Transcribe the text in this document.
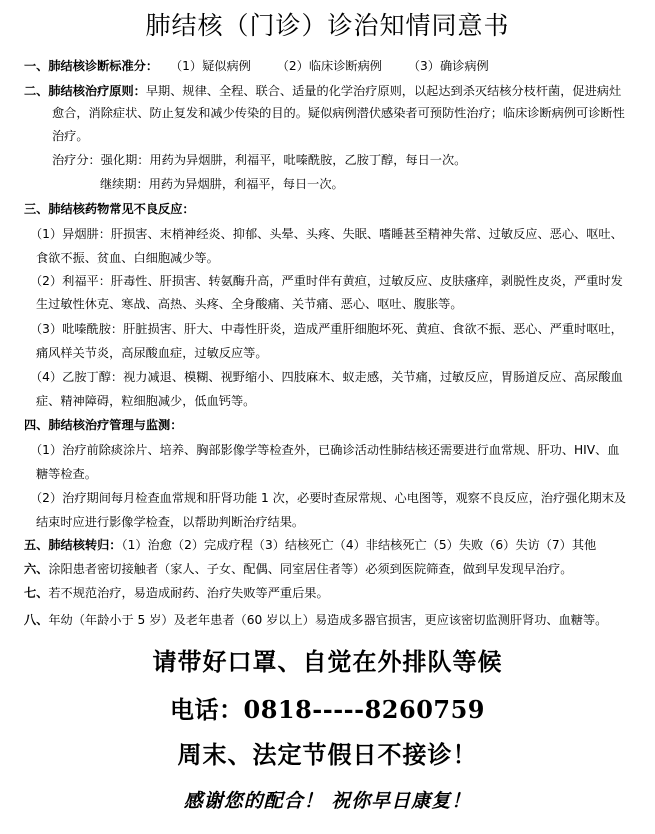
肺结核（门诊）诊治知情同意书
一、肺结核诊断标准分： （1）疑似病例 （2）临床诊断病例 （3）确诊病例
二、肺结核治疗原则：早期、规律、全程、联合、适量的化学治疗原则，以起达到杀灭结核分枝杆菌，促进病灶
愈合，消除症状、防止复发和减少传染的目的。疑似病例潜伏感染者可预防性治疗；临床诊断病例可诊断性
治疗。
治疗分：强化期：用药为异烟肼，利福平，吡嗪酰胺，乙胺丁醇，每日一次。
继续期：用药为异烟肼，利福平，每日一次。
三、肺结核药物常见不良反应：
（1）异烟肼：肝损害、末梢神经炎、抑郁、头晕、头疼、失眠、嗜睡甚至精神失常、过敏反应、恶心、呕吐、
食欲不振、贫血、白细胞减少等。
（2）利福平：肝毒性、肝损害、转氨酶升高，严重时伴有黄疸，过敏反应、皮肤瘙痒，剥脱性皮炎，严重时发
生过敏性休克、寒战、高热、头疼、全身酸痛、关节痛、恶心、呕吐、腹胀等。
（3）吡嗪酰胺：肝脏损害、肝大、中毒性肝炎，造成严重肝细胞坏死、黄疸、食欲不振、恶心、严重时呕吐，
痛风样关节炎，高尿酸血症，过敏反应等。
（4）乙胺丁醇：视力减退、模糊、视野缩小、四肢麻木、蚁走感，关节痛，过敏反应，胃肠道反应、高尿酸血
症、精神障碍，粒细胞减少，低血钙等。
四、肺结核治疗管理与监测：
（1）治疗前除痰涂片、培养、胸部影像学等检查外，已确诊活动性肺结核还需要进行血常规、肝功、HIV、血
糖等检查。
（2）治疗期间每月检查血常规和肝肾功能 1 次，必要时查尿常规、心电图等，观察不良反应，治疗强化期末及
结束时应进行影像学检查，以帮助判断治疗结果。
五、肺结核转归：（1）治愈（2）完成疗程（3）结核死亡（4）非结核死亡（5）失败（6）失访（7）其他
六、涂阳患者密切接触者（家人、子女、配偶、同室居住者等）必须到医院筛查，做到早发现早治疗。
七、若不规范治疗，易造成耐药、治疗失败等严重后果。
八、年幼（年龄小于 5 岁）及老年患者（60 岁以上）易造成多器官损害，更应该密切监测肝肾功、血糖等。
请带好口罩、自觉在外排队等候
电话：0818-----8260759
周末、法定节假日不接诊！
感谢您的配合！ 祝你早日康复！
